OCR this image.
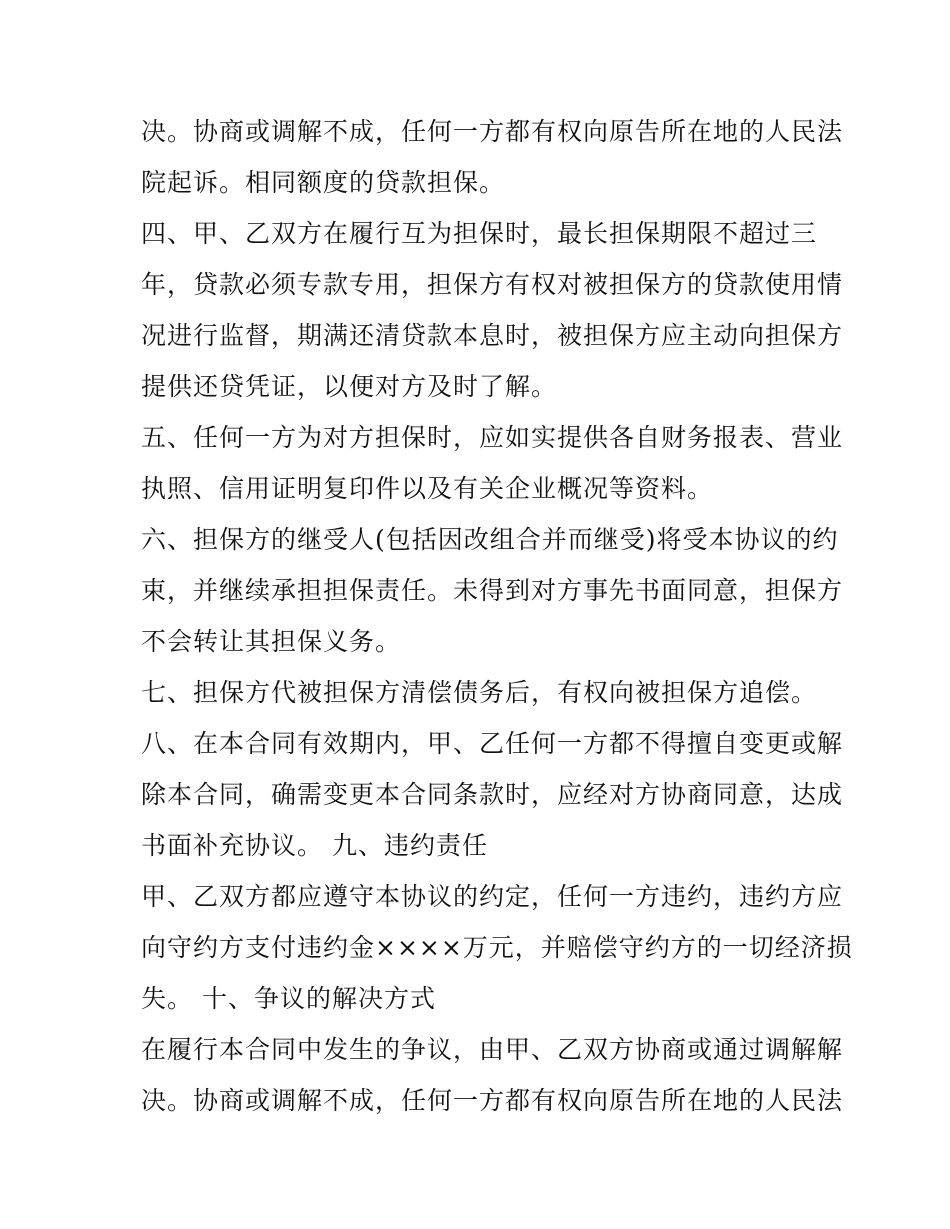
决。协商或调解不成，任何一方都有权向原告所在地的人民法
院起诉。相同额度的贷款担保。
四、甲、乙双方在履行互为担保时，最长担保期限不超过三
年，贷款必须专款专用，担保方有权对被担保方的贷款使用情
况进行监督，期满还清贷款本息时，被担保方应主动向担保方
提供还贷凭证，以便对方及时了解。
五、任何一方为对方担保时，应如实提供各自财务报表、营业
执照、信用证明复印件以及有关企业概况等资料。
六、担保方的继受人(包括因改组合并而继受)将受本协议的约
束，并继续承担担保责任。未得到对方事先书面同意，担保方
不会转让其担保义务。
七、担保方代被担保方清偿债务后，有权向被担保方追偿。
八、在本合同有效期内，甲、乙任何一方都不得擅自变更或解
除本合同，确需变更本合同条款时，应经对方协商同意，达成
书面补充协议。 九、违约责任
甲、乙双方都应遵守本协议的约定，任何一方违约，违约方应
向守约方支付违约金××××万元，并赔偿守约方的一切经济损
失。 十、争议的解决方式
在履行本合同中发生的争议，由甲、乙双方协商或通过调解解
决。协商或调解不成，任何一方都有权向原告所在地的人民法
